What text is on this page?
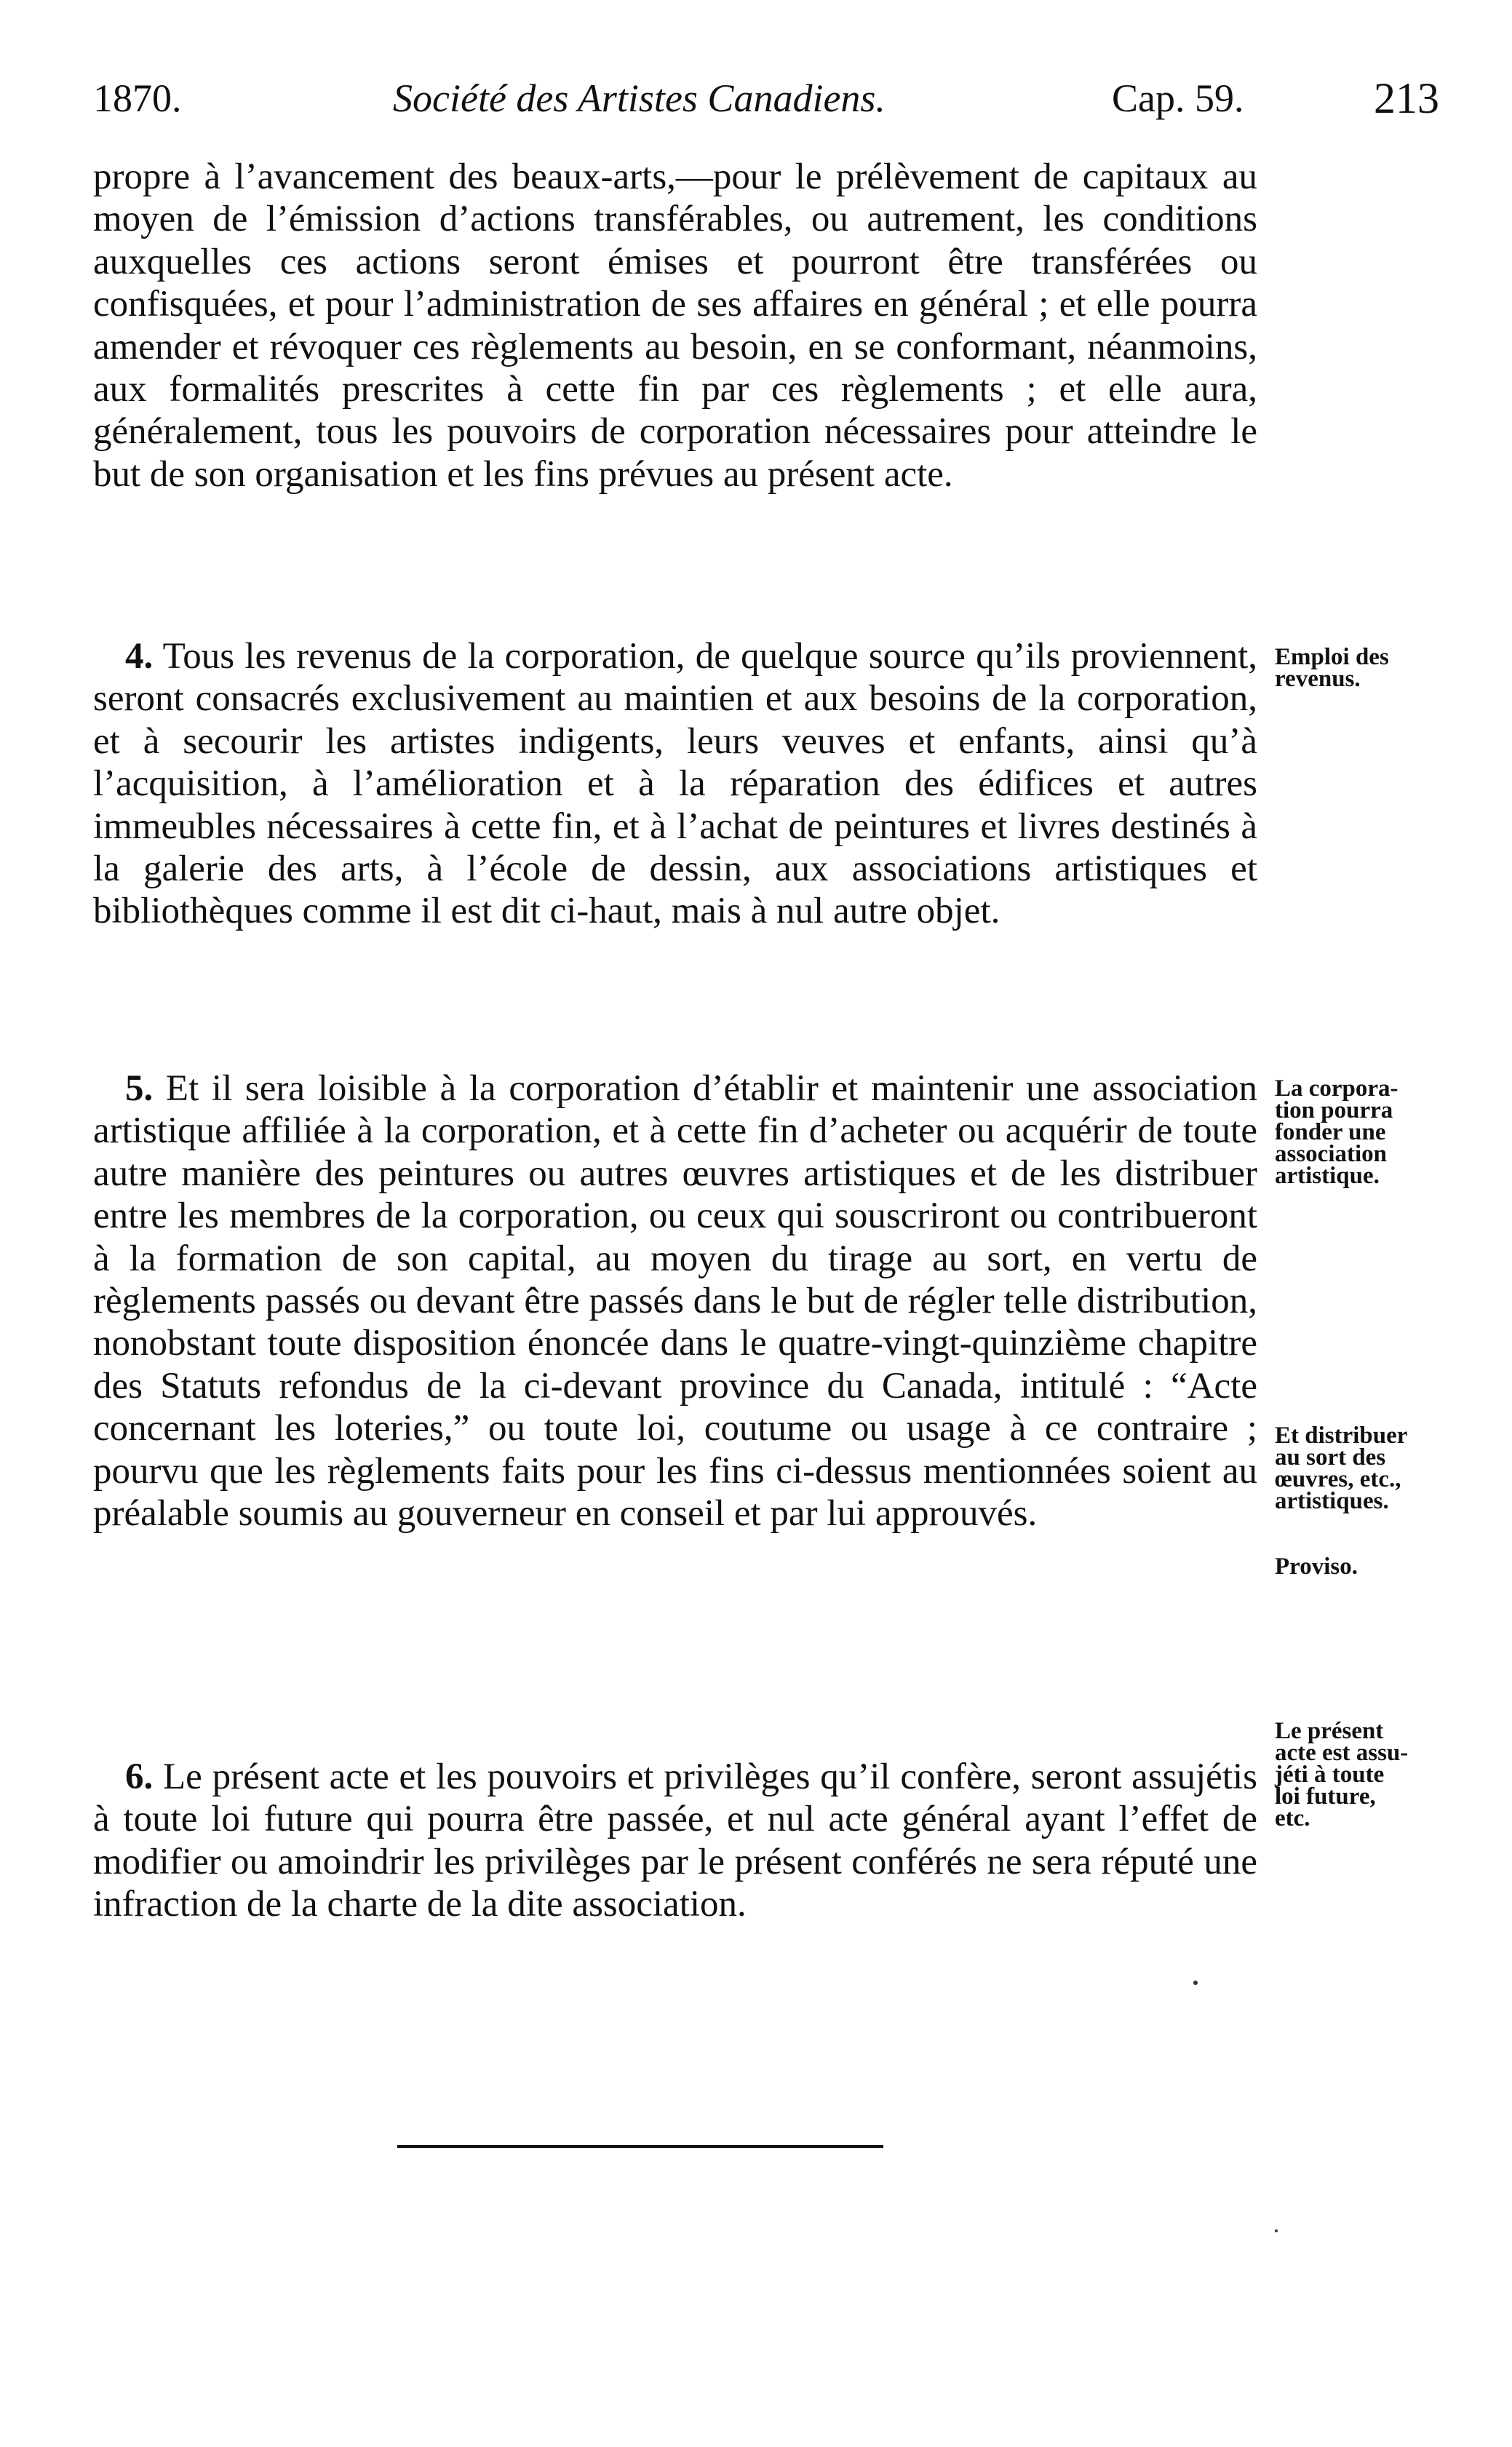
1870.	Société des Artistes Canadiens.	Cap. 59.	213
propre à l’avancement des beaux-arts,—pour le prélèvement de capitaux au moyen de l’émission d’actions transférables, ou autrement, les conditions auxquelles ces actions seront émises et pourront être transférées ou confisquées, et pour l’administration de ses affaires en général ; et elle pourra amender et révoquer ces règlements au besoin, en se conformant, néanmoins, aux formalités prescrites à cette fin par ces règlements ; et elle aura, généralement, tous les pouvoirs de corporation nécessaires pour atteindre le but de son organisation et les fins prévues au présent acte.
4. Tous les revenus de la corporation, de quelque source qu’ils proviennent, seront consacrés exclusivement au maintien et aux besoins de la corporation, et à secourir les artistes indigents, leurs veuves et enfants, ainsi qu’à l’acquisition, à l’amélioration et à la réparation des édifices et autres immeubles nécessaires à cette fin, et à l’achat de peintures et livres destinés à la galerie des arts, à l’école de dessin, aux associations artistiques et bibliothèques comme il est dit ci-haut, mais à nul autre objet.
5. Et il sera loisible à la corporation d’établir et maintenir une association artistique affiliée à la corporation, et à cette fin d’acheter ou acquérir de toute autre manière des peintures ou autres œuvres artistiques et de les distribuer entre les membres de la corporation, ou ceux qui souscriront ou contribueront à la formation de son capital, au moyen du tirage au sort, en vertu de règlements passés ou devant être passés dans le but de régler telle distribution, nonobstant toute disposition énoncée dans le quatre-vingt-quinzième chapitre des Statuts refondus de la ci-devant province du Canada, intitulé : “Acte concernant les loteries,” ou toute loi, coutume ou usage à ce contraire ; pourvu que les règlements faits pour les fins ci-dessus mentionnées soient au préalable soumis au gouverneur en conseil et par lui approuvés.
6. Le présent acte et les pouvoirs et privilèges qu’il confère, seront assujétis à toute loi future qui pourra être passée, et nul acte général ayant l’effet de modifier ou amoindrir les privilèges par le présent conférés ne sera réputé une infraction de la charte de la dite association.
Emploi des
revenus.
La corpora-
tion pourra
fonder une
association
artistique.
Et distribuer
au sort des
œuvres, etc.,
artistiques.
Proviso.
Le présent
acte est assu-
jéti à toute
loi future,
etc.
